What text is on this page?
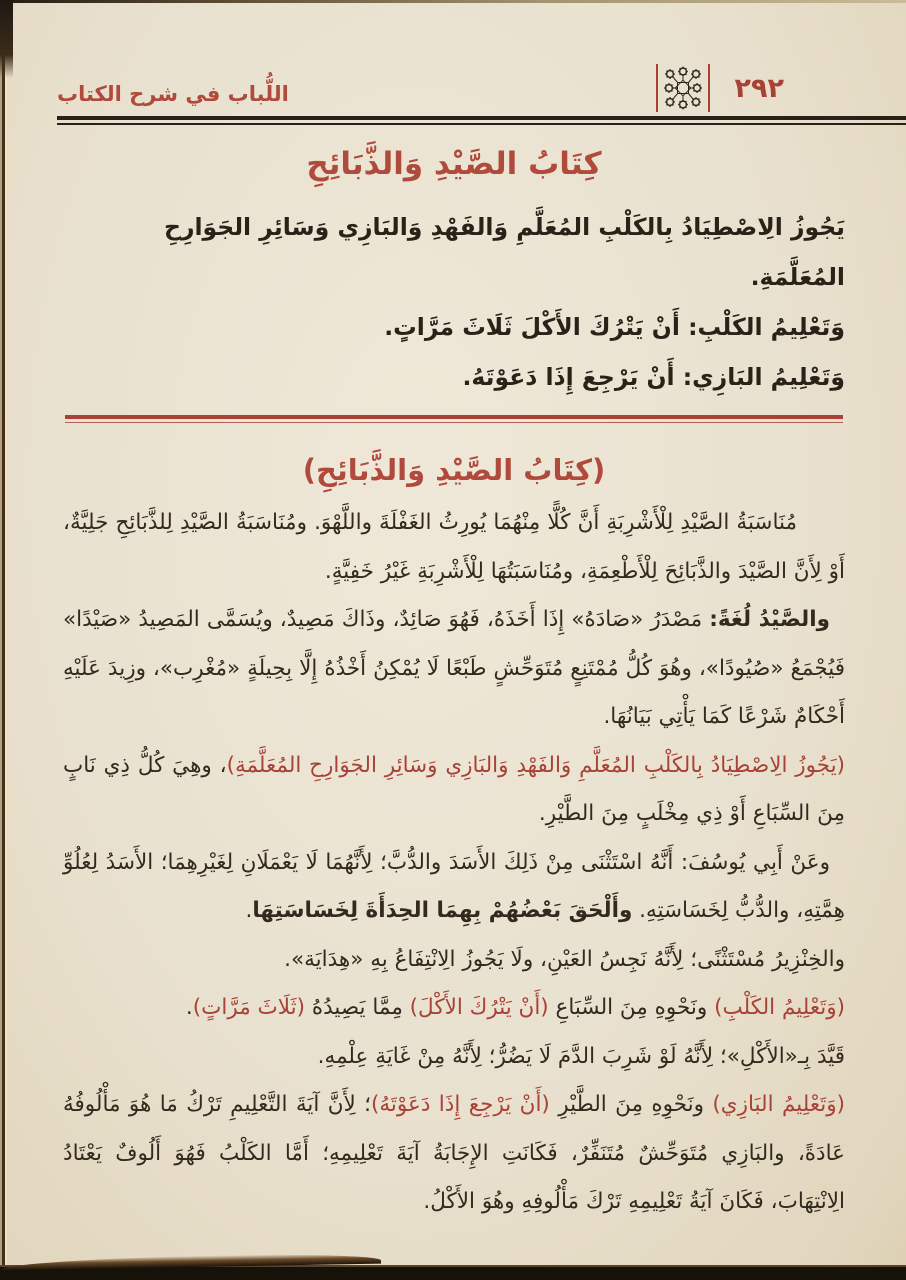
اللُّباب في شرح الكتاب	٢٩٢
كِتَابُ الصَّيْدِ وَالذَّبَائِحِ
يَجُوزُ الِاصْطِيَادُ بِالكَلْبِ المُعَلَّمِ وَالفَهْدِ وَالبَازِي وَسَائِرِ الجَوَارِحِ المُعَلَّمَةِ.
وَتَعْلِيمُ الكَلْبِ: أَنْ يَتْرُكَ الأَكْلَ ثَلَاثَ مَرَّاتٍ.
وَتَعْلِيمُ البَازِي: أَنْ يَرْجِعَ إِذَا دَعَوْتَهُ.
(كِتَابُ الصَّيْدِ وَالذَّبَائِحِ)

مُنَاسَبَةُ الصَّيْدِ لِلْأَشْرِبَةِ أَنَّ كُلًّا مِنْهُمَا يُورِثُ الغَفْلَةَ واللَّهْوَ. ومُنَاسَبَةُ الصَّيْدِ لِلذَّبَائِحِ جَلِيَّةٌ، أَوْ لِأَنَّ الصَّيْدَ والذَّبَائِحَ لِلْأَطْعِمَةِ، ومُنَاسَبَتُهَا لِلْأَشْرِبَةِ غَيْرُ خَفِيَّةٍ.

والصَّيْدُ لُغَةً: مَصْدَرُ «صَادَهُ» إِذَا أَخَذَهُ، فَهُوَ صَائِدٌ، وذَاكَ مَصِيدٌ، ويُسَمَّى المَصِيدُ «صَيْدًا» فَيُجْمَعُ «صُيُودًا»، وهُوَ كُلُّ مُمْتَنِعٍ مُتَوَحِّشٍ طَبْعًا لَا يُمْكِنُ أَخْذُهُ إِلَّا بِحِيلَةٍ «مُغْرِب»، وزِيدَ عَلَيْهِ أَحْكَامٌ شَرْعًا كَمَا يَأْتِي بَيَانُهَا.

(يَجُوزُ الِاصْطِيَادُ بِالكَلْبِ المُعَلَّمِ وَالفَهْدِ وَالبَازِي وَسَائِرِ الجَوَارِحِ المُعَلَّمَةِ)، وهِيَ كُلُّ ذِي نَابٍ مِنَ السِّبَاعِ أَوْ ذِي مِخْلَبٍ مِنَ الطَّيْرِ.

وعَنْ أَبِي يُوسُفَ: أَنَّهُ اسْتَثْنَى مِنْ ذَلِكَ الأَسَدَ والدُّبَّ؛ لِأَنَّهُمَا لَا يَعْمَلَانِ لِغَيْرِهِمَا؛ الأَسَدُ لِعُلُوِّ هِمَّتِهِ، والدُّبُّ لِخَسَاسَتِهِ. وأَلْحَقَ بَعْضُهُمْ بِهِمَا الحِدَأَةَ لِخَسَاسَتِهَا.

والخِنْزِيرُ مُسْتَثْنًى؛ لِأَنَّهُ نَجِسُ العَيْنِ، ولَا يَجُوزُ الِانْتِفَاعُ بِهِ «هِدَايَة».

(وَتَعْلِيمُ الكَلْبِ) ونَحْوِهِ مِنَ السِّبَاعِ (أَنْ يَتْرُكَ الأَكْلَ) مِمَّا يَصِيدُهُ (ثَلَاثَ مَرَّاتٍ).

قَيَّدَ بِـ«الأَكْلِ»؛ لِأَنَّهُ لَوْ شَرِبَ الدَّمَ لَا يَضُرُّ؛ لِأَنَّهُ مِنْ غَايَةِ عِلْمِهِ.

(وَتَعْلِيمُ البَازِي) ونَحْوِهِ مِنَ الطَّيْرِ (أَنْ يَرْجِعَ إِذَا دَعَوْتَهُ)؛ لِأَنَّ آيَةَ التَّعْلِيمِ تَرْكُ مَا هُوَ مَأْلُوفُهُ عَادَةً، والبَازِي مُتَوَحِّشٌ مُتَنَفِّرٌ، فَكَانَتِ الإِجَابَةُ آيَةَ تَعْلِيمِهِ؛ أَمَّا الكَلْبُ فَهُوَ أَلُوفٌ يَعْتَادُ الِانْتِهَابَ، فَكَانَ آيَةُ تَعْلِيمِهِ تَرْكَ مَأْلُوفِهِ وهُوَ الأَكْلُ.
